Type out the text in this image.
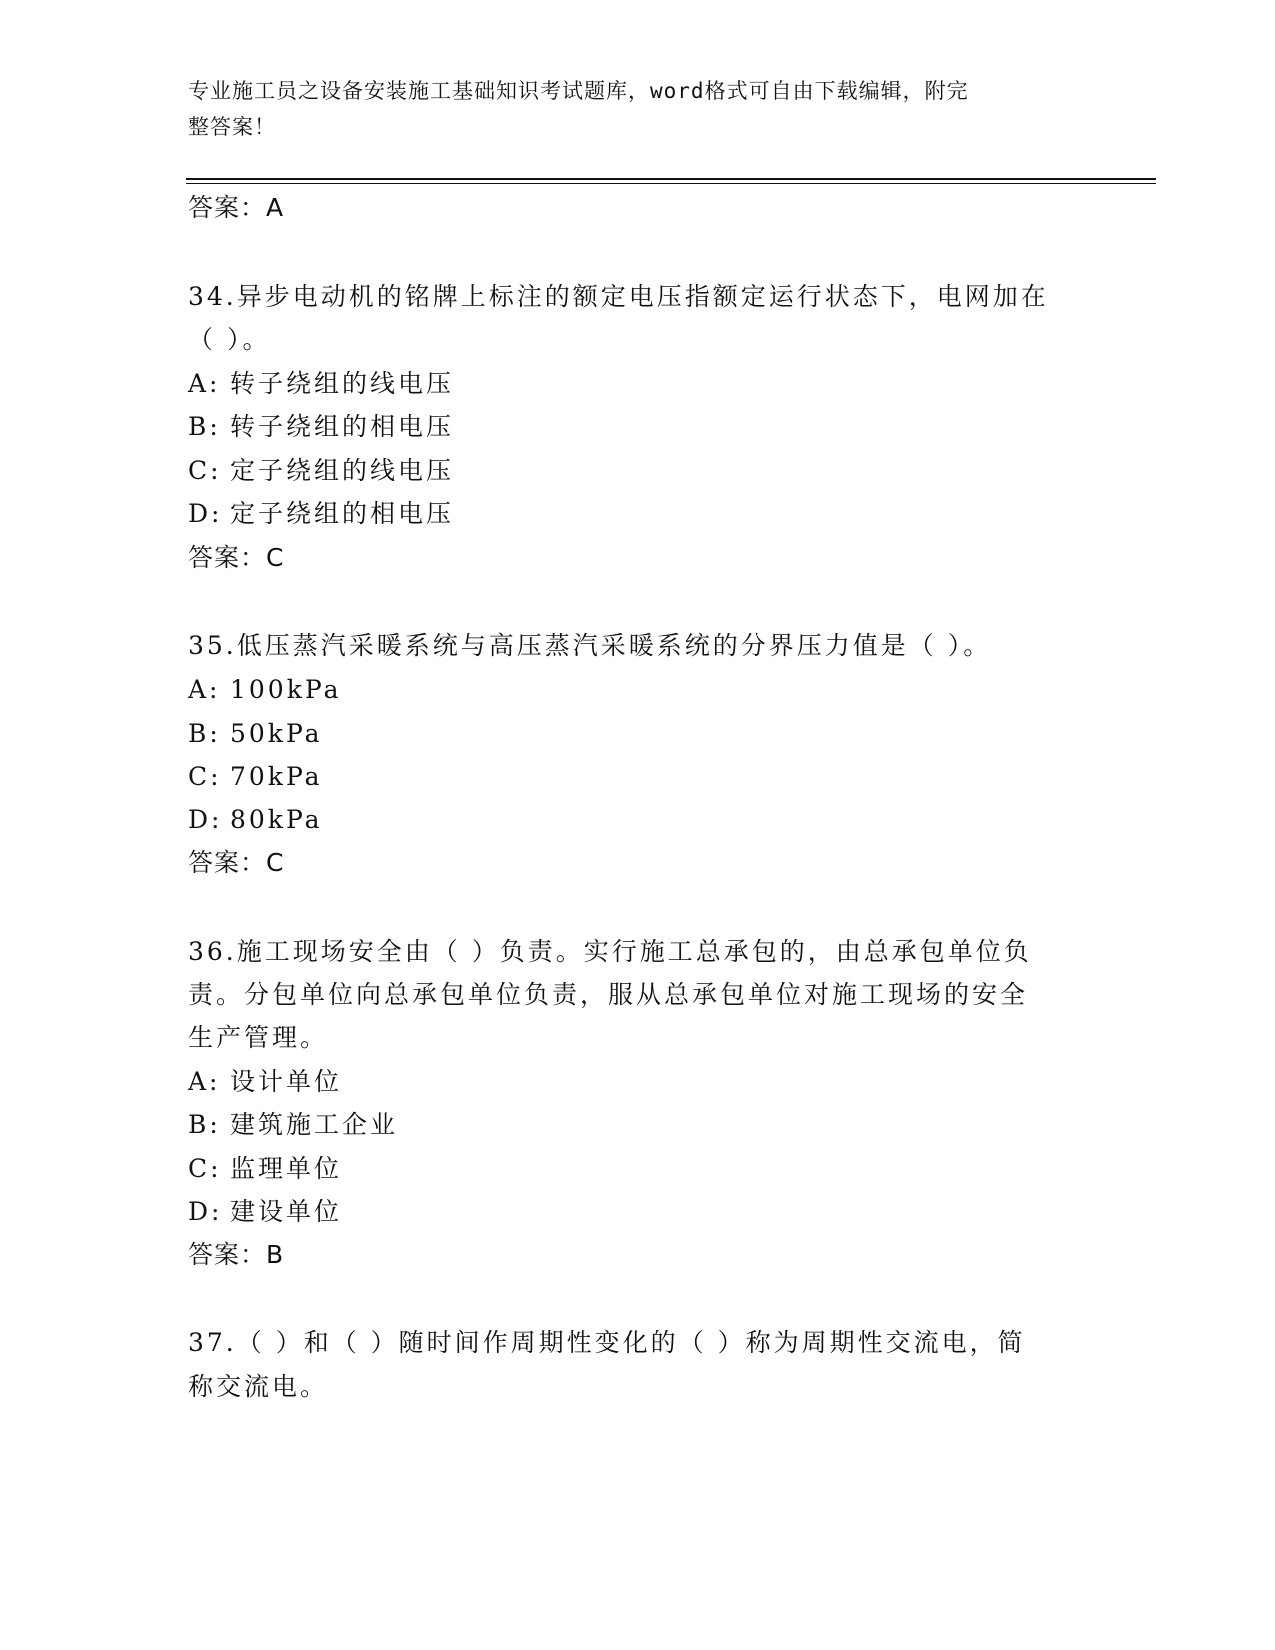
专业施工员之设备安装施工基础知识考试题库，word格式可自由下载编辑，附完
整答案！
答案：A
34.异步电动机的铭牌上标注的额定电压指额定运行状态下，电网加在
（ ）。
A: 转子绕组的线电压
B: 转子绕组的相电压
C: 定子绕组的线电压
D: 定子绕组的相电压
答案：C
35.低压蒸汽采暖系统与高压蒸汽采暖系统的分界压力值是（ ）。
A: 100kPa
B: 50kPa
C: 70kPa
D: 80kPa
答案：C
36.施工现场安全由（ ）负责。实行施工总承包的，由总承包单位负
责。分包单位向总承包单位负责，服从总承包单位对施工现场的安全
生产管理。
A: 设计单位
B: 建筑施工企业
C: 监理单位
D: 建设单位
答案：B
37.（ ）和（ ）随时间作周期性变化的（ ）称为周期性交流电，简
称交流电。
